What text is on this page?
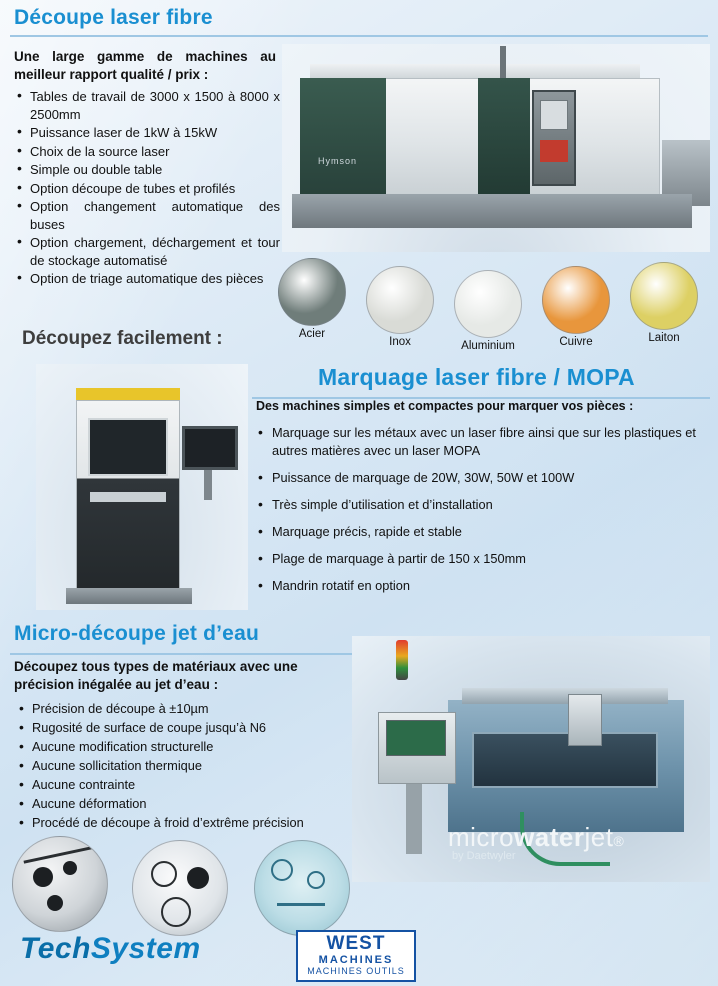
Découpe laser fibre
Une large gamme de machines au meilleur rapport qualité / prix :
• Tables de travail de 3000 x 1500 à 8000 x 2500mm
• Puissance laser de 1kW à 15kW
• Choix de la source laser
• Simple ou double table
• Option découpe de tubes et profilés
• Option changement automatique des buses
• Option chargement, déchargement et tour de stockage automatisé
• Option de triage automatique des pièces
Hymson
Acier
Inox	Aluminium	Cuivre	Laiton
Découpez facilement :
Marquage laser fibre / MOPA
Des machines simples et compactes pour marquer vos pièces :
• Marquage sur les métaux avec un laser fibre ainsi que sur les plastiques et autres matières avec un laser MOPA
• Puissance de marquage de 20W, 30W, 50W et 100W
• Très simple d’utilisation et d’installation
• Marquage précis, rapide et stable
• Plage de marquage à partir de 150 x 150mm
• Mandrin rotatif en option
Micro-découpe jet d’eau
Découpez tous types de matériaux avec une précision inégalée au jet d’eau :
• Précision de découpe à ±10µm
• Rugosité de surface de coupe jusqu’à N6
• Aucune modification structurelle
• Aucune sollicitation thermique
• Aucune contrainte
• Aucune déformation
• Procédé de découpe à froid d’extrême précision	microwaterjet®
by Daetwyler
TechSystem	WEST
MACHINES
MACHINES OUTILS
